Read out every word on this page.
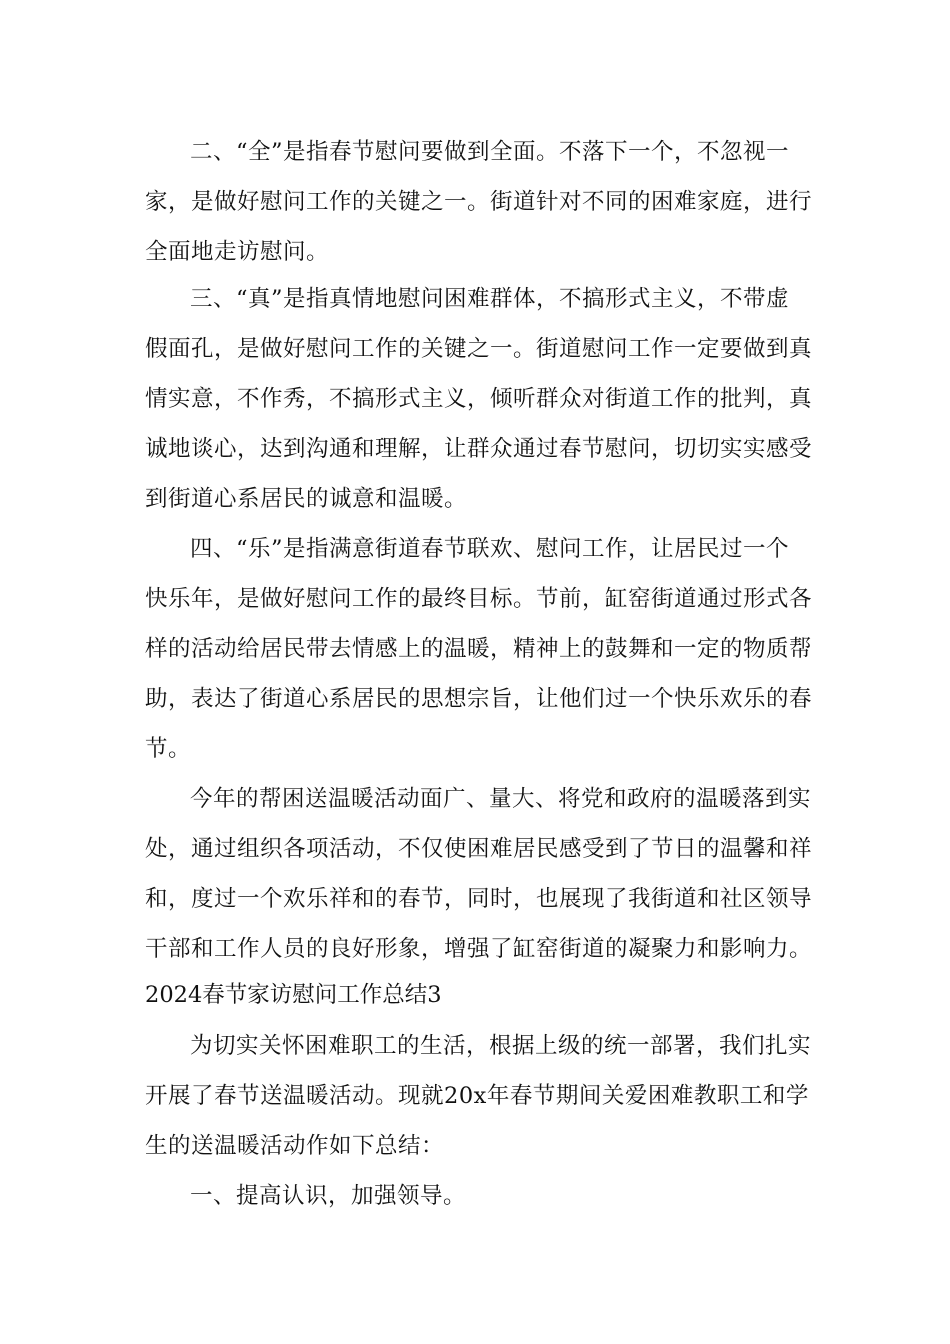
二、“全”是指春节慰问要做到全面。不落下一个，不忽视一
家，是做好慰问工作的关键之一。街道针对不同的困难家庭，进行
全面地走访慰问。
三、“真”是指真情地慰问困难群体，不搞形式主义，不带虚
假面孔，是做好慰问工作的关键之一。街道慰问工作一定要做到真
情实意，不作秀，不搞形式主义，倾听群众对街道工作的批判，真
诚地谈心，达到沟通和理解，让群众通过春节慰问，切切实实感受
到街道心系居民的诚意和温暖。
四、“乐”是指满意街道春节联欢、慰问工作，让居民过一个
快乐年，是做好慰问工作的最终目标。节前，缸窑街道通过形式各
样的活动给居民带去情感上的温暖，精神上的鼓舞和一定的物质帮
助，表达了街道心系居民的思想宗旨，让他们过一个快乐欢乐的春
节。
今年的帮困送温暖活动面广、量大、将党和政府的温暖落到实
处，通过组织各项活动，不仅使困难居民感受到了节日的温馨和祥
和，度过一个欢乐祥和的春节，同时，也展现了我街道和社区领导
干部和工作人员的良好形象，增强了缸窑街道的凝聚力和影响力。
2024春节家访慰问工作总结3
为切实关怀困难职工的生活，根据上级的统一部署，我们扎实
开展了春节送温暖活动。现就20x年春节期间关爱困难教职工和学
生的送温暖活动作如下总结：
一、提高认识，加强领导。
